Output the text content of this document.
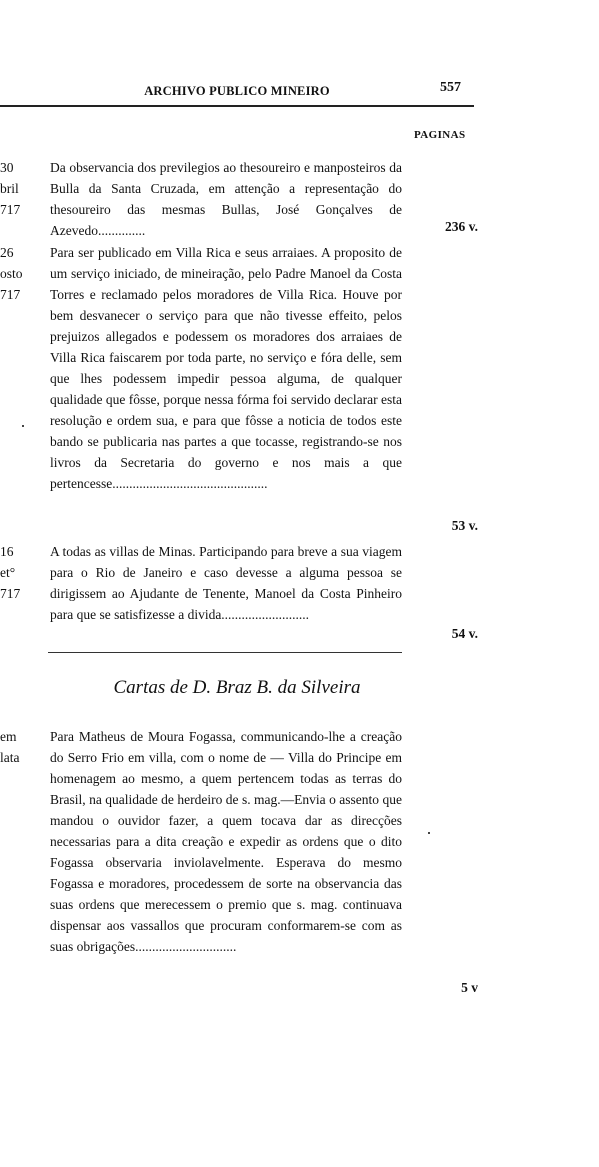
ARCHIVO PUBLICO MINEIRO	557
PAGINAS
30
bril
717

Da observancia dos previlegios ao thesoureiro e manposteiros da Bulla da Santa Cruzada, em attenção a representação do thesoureiro das mesmas Bullas, José Gonçalves de Azevedo..............	236 v.
26
osto
717

Para ser publicado em Villa Rica e seus arraiaes. A proposito de um serviço iniciado, de mineiração, pelo Padre Manoel da Costa Torres e reclamado pelos moradores de Villa Rica. Houve por bem desvanecer o serviço para que não tivesse effeito, pelos prejuizos allegados e podessem os moradores dos arraiaes de Villa Rica faiscarem por toda parte, no serviço e fóra delle, sem que lhes podessem impedir pessoa alguma, de qualquer qualidade que fôsse, porque nessa fórma foi servido declarar esta resolução e ordem sua, e para que fôsse a noticia de todos este bando se publicaria nas partes a que tocasse, registrando-se nos livros da Secretaria do governo e nos mais a que pertencesse..............................................

53 v.
16
et°
717

A todas as villas de Minas. Participando para breve a sua viagem para o Rio de Janeiro e caso devesse a alguma pessoa se dirigissem ao Ajudante de Tenente, Manoel da Costa Pinheiro para que se satisfizesse a divida..........................

54 v.
Cartas de D. Braz B. da Silveira
em
lata

Para Matheus de Moura Fogassa, communicando-lhe a creação do Serro Frio em villa, com o nome de — Villa do Principe em homenagem ao mesmo, a quem pertencem todas as terras do Brasil, na qualidade de herdeiro de s. mag.—Envia o assento que mandou o ouvidor fazer, a quem tocava dar as direcções necessarias para a dita creação e expedir as ordens que o dito Fogassa observaria inviolavelmente. Esperava do mesmo Fogassa e moradores, procedessem de sorte na observancia das suas ordens que merecessem o premio que s. mag. continuava dispensar aos vassallos que procuram conformarem-se com as suas obrigações..............................

5 v
